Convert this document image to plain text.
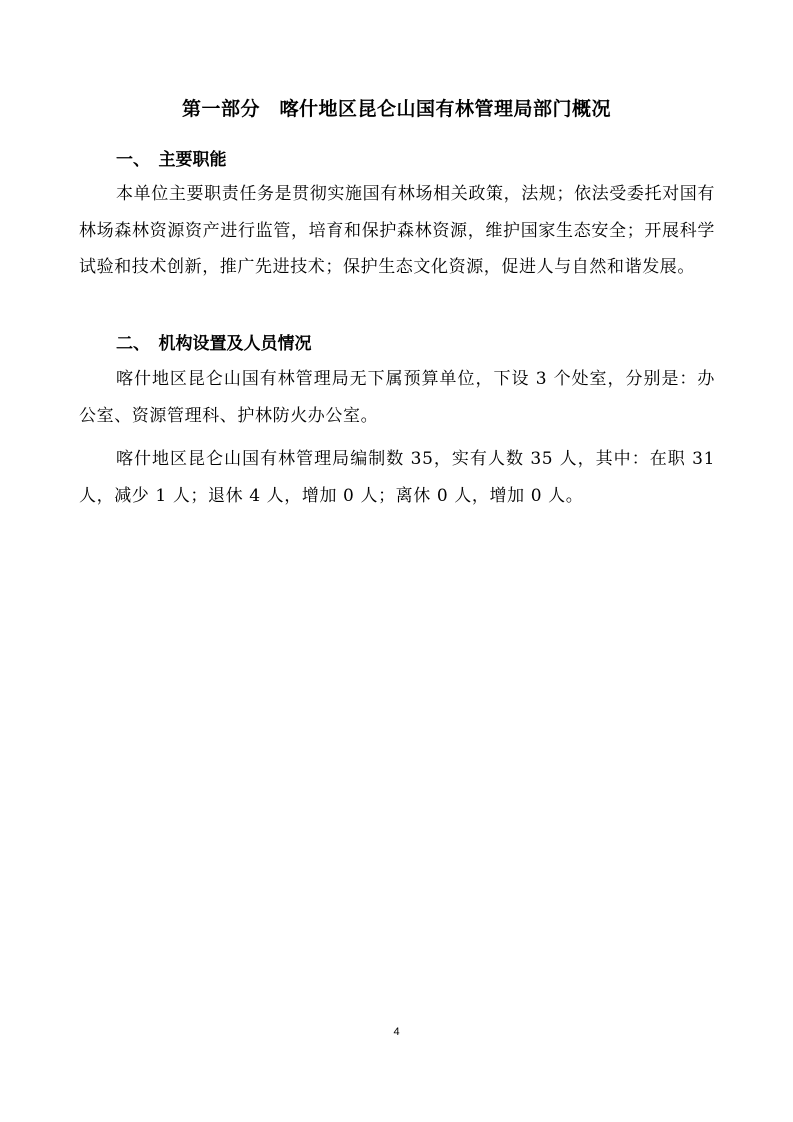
第一部分　喀什地区昆仑山国有林管理局部门概况
一、　主要职能
本单位主要职责任务是贯彻实施国有林场相关政策，法规；依法受委托对国有林场森林资源资产进行监管，培育和保护森林资源，维护国家生态安全；开展科学试验和技术创新，推广先进技术；保护生态文化资源，促进人与自然和谐发展。
二、　机构设置及人员情况
喀什地区昆仑山国有林管理局无下属预算单位，下设 3 个处室，分别是：办公室、资源管理科、护林防火办公室。
喀什地区昆仑山国有林管理局编制数 35，实有人数 35 人，其中：在职 31 人，减少 1 人；退休 4 人，增加 0 人；离休 0 人，增加 0 人。
4
